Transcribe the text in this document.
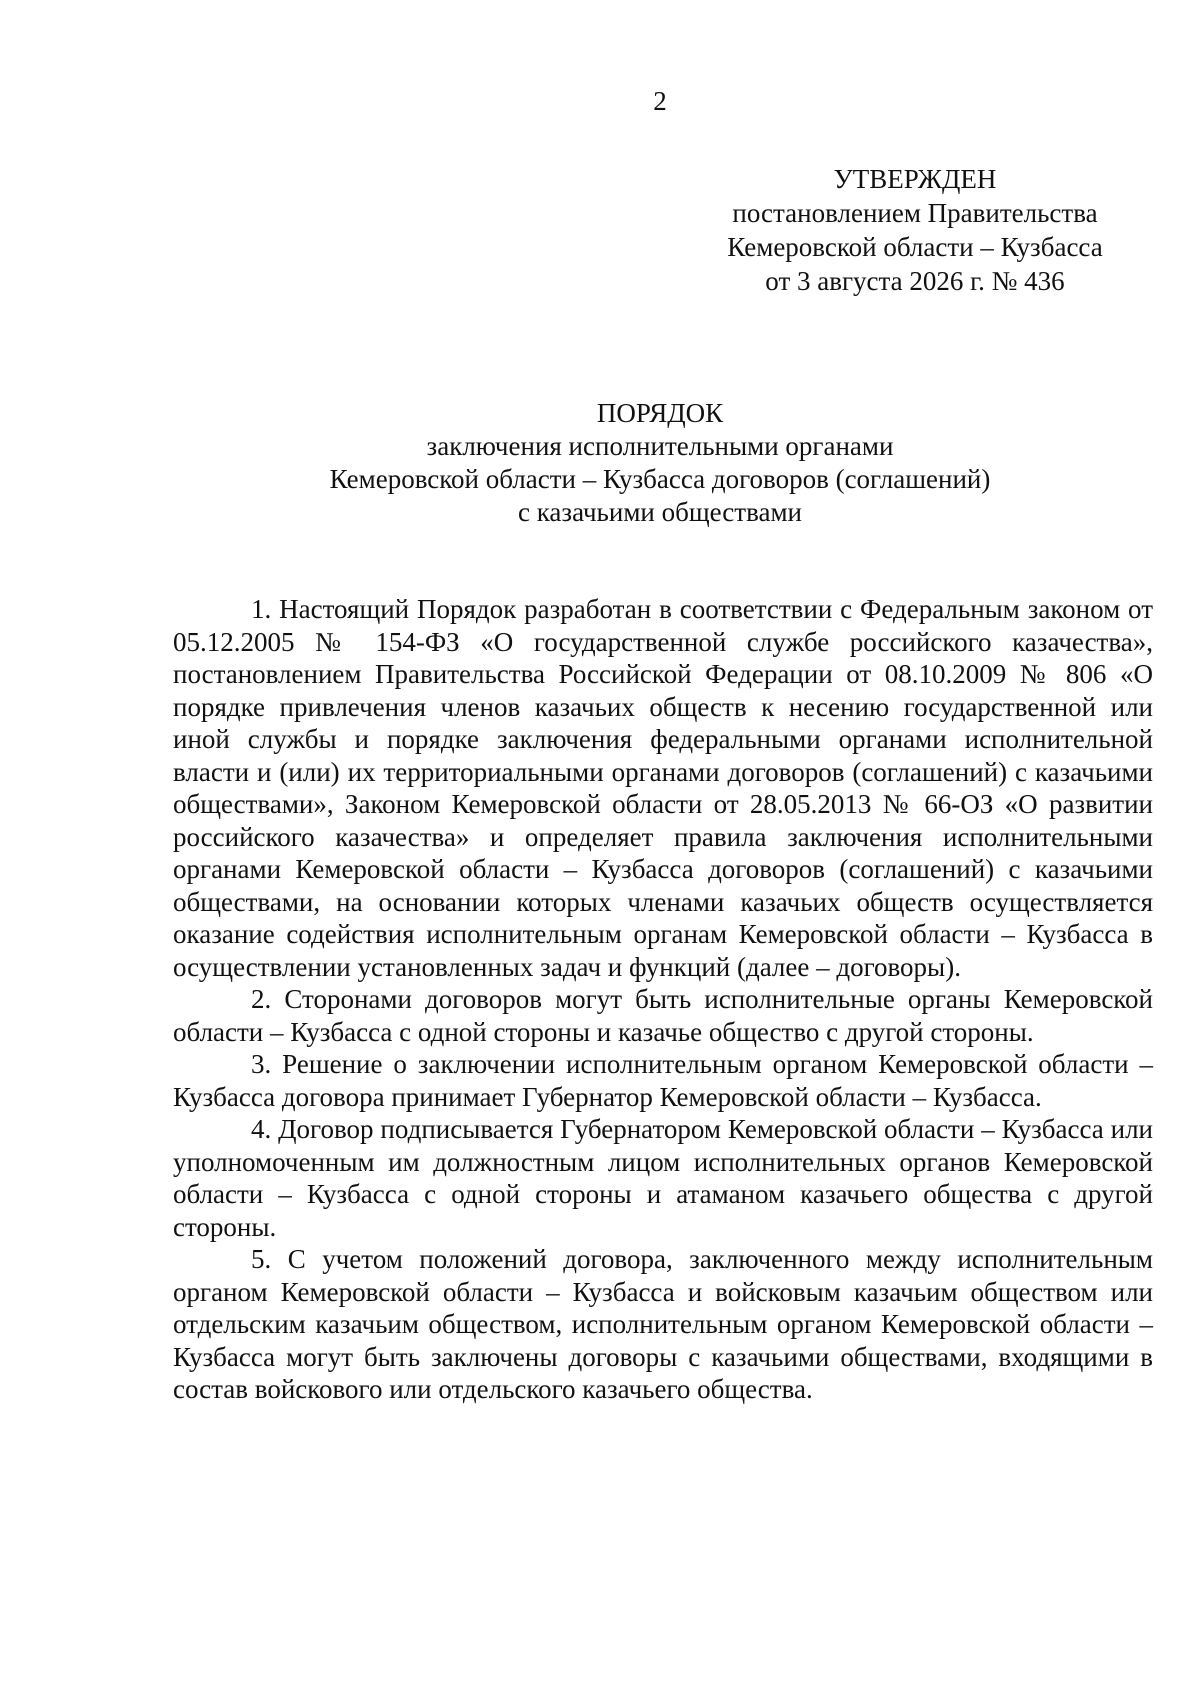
2
УТВЕРЖДЕН
постановлением Правительства
Кемеровской области – Кузбасса
от 3 августа 2026 г. № 436
ПОРЯДОК
заключения исполнительными органами
Кемеровской области – Кузбасса договоров (соглашений)
с казачьими обществами

1. Настоящий Порядок разработан в соответствии с Федеральным законом от 05.12.2005 № 154-ФЗ «О государственной службе российского казачества», постановлением Правительства Российской Федерации от 08.10.2009 № 806 «О порядке привлечения членов казачьих обществ к несению государственной или иной службы и порядке заключения федеральными органами исполнительной власти и (или) их территориальными органами договоров (соглашений) с казачьими обществами», Законом Кемеровской области от 28.05.2013 № 66-ОЗ «О развитии российского казачества» и определяет правила заключения исполнительными органами Кемеровской области – Кузбасса договоров (соглашений) с казачьими обществами, на основании которых членами казачьих обществ осуществляется оказание содействия исполнительным органам Кемеровской области – Кузбасса в осуществлении установленных задач и функций (далее – договоры).

2. Сторонами договоров могут быть исполнительные органы Кемеровской области – Кузбасса с одной стороны и казачье общество с другой стороны.

3. Решение о заключении исполнительным органом Кемеровской области – Кузбасса договора принимает Губернатор Кемеровской области – Кузбасса.

4. Договор подписывается Губернатором Кемеровской области – Кузбасса или уполномоченным им должностным лицом исполнительных органов Кемеровской области – Кузбасса с одной стороны и атаманом казачьего общества с другой стороны.

5. С учетом положений договора, заключенного между исполнительным органом Кемеровской области – Кузбасса и войсковым казачьим обществом или отдельским казачьим обществом, исполнительным органом Кемеровской области – Кузбасса могут быть заключены договоры с казачьими обществами, входящими в состав войскового или отдельского казачьего общества.
